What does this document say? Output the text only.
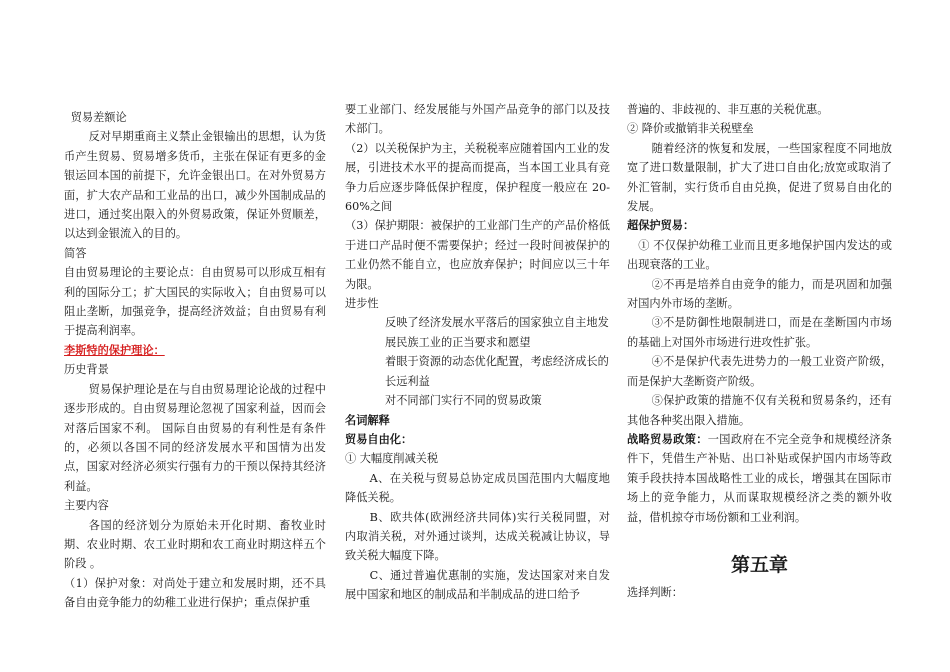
贸易差额论

反对早期重商主义禁止金银输出的思想，认为货币产生贸易、贸易增多货币，主张在保证有更多的金银运回本国的前提下，允许金银出口。在对外贸易方面，扩大农产品和工业品的出口，减少外国制成品的进口，通过奖出限入的外贸易政策，保证外贸顺差，以达到金银流入的目的。

简答

自由贸易理论的主要论点：自由贸易可以形成互相有利的国际分工；扩大国民的实际收入；自由贸易可以阻止垄断，加强竞争，提高经济效益；自由贸易有利于提高利润率。

李斯特的保护理论：

历史背景

贸易保护理论是在与自由贸易理论论战的过程中逐步形成的。自由贸易理论忽视了国家利益，因而会对落后国家不利。 国际自由贸易的有利性是有条件的，必须以各国不同的经济发展水平和国情为出发点，国家对经济必须实行强有力的干预以保持其经济利益。

主要内容

各国的经济划分为原始未开化时期、畜牧业时期、农业时期、农工业时期和农工商业时期这样五个阶段 。

（1）保护对象：对尚处于建立和发展时期，还不具备自由竞争能力的幼稚工业进行保护；重点保护重

要工业部门、经发展能与外国产品竞争的部门以及技术部门。

（2）以关税保护为主，关税税率应随着国内工业的发展，引进技术水平的提高而提高，当本国工业具有竞争力后应逐步降低保护程度，保护程度一般应在 20-60%之间

（3）保护期限：被保护的工业部门生产的产品价格低于进口产品时便不需要保护；经过一段时间被保护的工业仍然不能自立，也应放弃保护；时间应以三十年为限。

进步性

反映了经济发展水平落后的国家独立自主地发展民族工业的正当要求和愿望

着眼于资源的动态优化配置，考虑经济成长的长远利益

对不同部门实行不同的贸易政策

名词解释

贸易自由化：

① 大幅度削减关税

A、在关税与贸易总协定成员国范围内大幅度地降低关税。

B、欧共体(欧洲经济共同体)实行关税同盟，对内取消关税，对外通过谈判，达成关税减让协议，导致关税大幅度下降。

C、通过普遍优惠制的实施，发达国家对来自发展中国家和地区的制成品和半制成品的进口给予

普遍的、非歧视的、非互惠的关税优惠。

② 降价或撤销非关税壁垒

随着经济的恢复和发展，一些国家程度不同地放宽了进口数量限制，扩大了进口自由化;放宽或取消了外汇管制，实行货币自由兑换，促进了贸易自由化的发展。

超保护贸易：

① 不仅保护幼稚工业而且更多地保护国内发达的或出现衰落的工业。

②不再是培养自由竞争的能力，而是巩固和加强对国内外市场的垄断。

③不是防御性地限制进口，而是在垄断国内市场的基础上对国外市场进行进攻性扩张。

④不是保护代表先进势力的一般工业资产阶级，而是保护大垄断资产阶级。

⑤保护政策的措施不仅有关税和贸易条约，还有其他各种奖出限入措施。

战略贸易政策：一国政府在不完全竞争和规模经济条件下，凭借生产补贴、出口补贴或保护国内市场等政策手段扶持本国战略性工业的成长，增强其在国际市场上的竞争能力，从而谋取规模经济之类的额外收益，借机掠夺市场份额和工业利润。

第五章

选择判断：
